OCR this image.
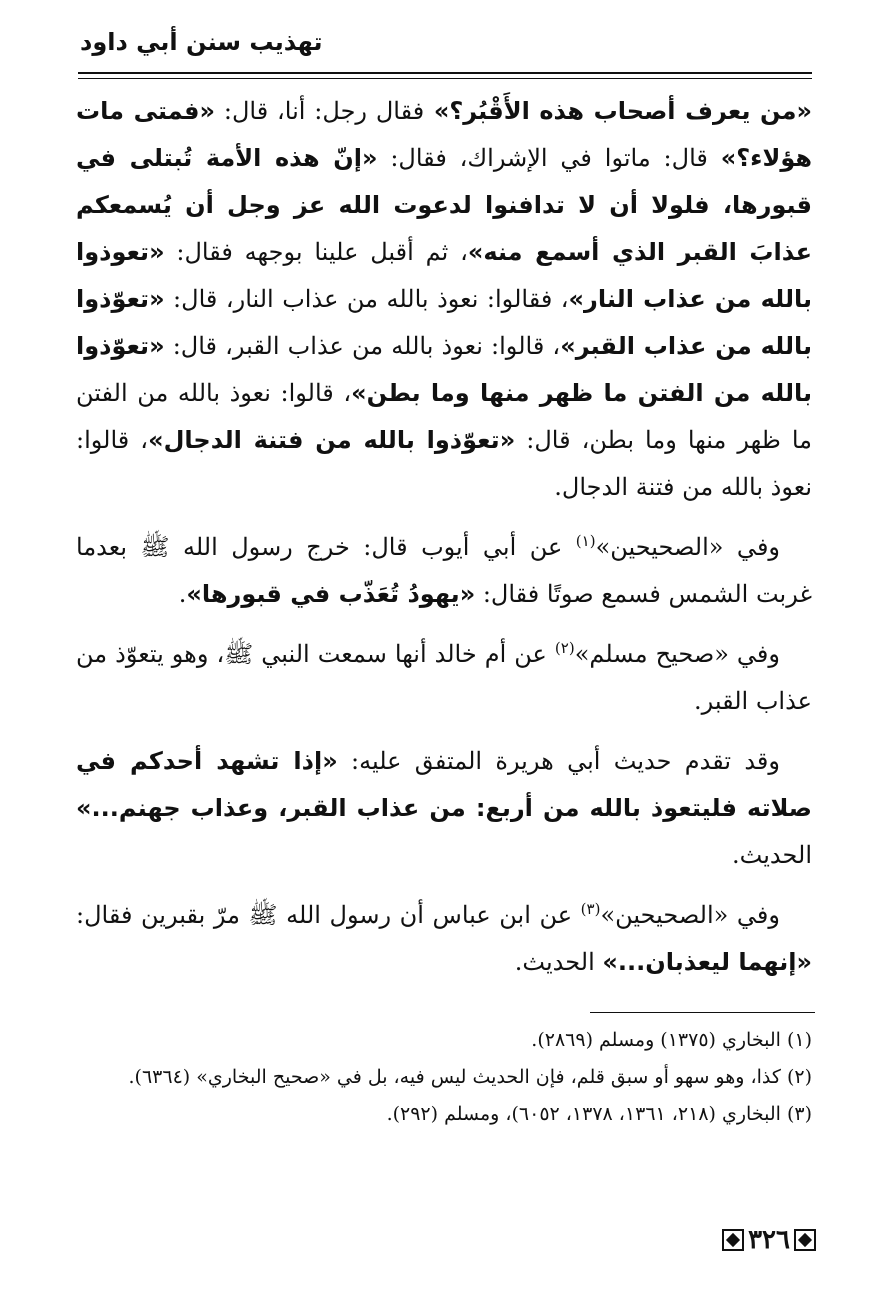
تهذيب سنن أبي داود

«من يعرف أصحاب هذه الأَقْبُر؟» فقال رجل: أنا، قال: «فمتى مات هؤلاء؟» قال: ماتوا في الإشراك، فقال: «إنّ هذه الأمة تُبتلى في قبورها، فلولا أن لا تدافنوا لدعوت الله عز وجل أن يُسمعكم عذابَ القبر الذي أسمع منه»، ثم أقبل علينا بوجهه فقال: «تعوذوا بالله من عذاب النار»، فقالوا: نعوذ بالله من عذاب النار، قال: «تعوّذوا بالله من عذاب القبر»، قالوا: نعوذ بالله من عذاب القبر، قال: «تعوّذوا بالله من الفتن ما ظهر منها وما بطن»، قالوا: نعوذ بالله من الفتن ما ظهر منها وما بطن، قال: «تعوّذوا بالله من فتنة الدجال»، قالوا: نعوذ بالله من فتنة الدجال.

وفي «الصحيحين»$^{(١)}$ عن أبي أيوب قال: خرج رسول الله ﷺ بعدما غربت الشمس فسمع صوتًا فقال: «يهودُ تُعَذّب في قبورها».

وفي «صحيح مسلم»$^{(٢)}$ عن أم خالد أنها سمعت النبي ﷺ، وهو يتعوّذ من عذاب القبر.

وقد تقدم حديث أبي هريرة المتفق عليه: «إذا تشهد أحدكم في صلاته فليتعوذ بالله من أربع: من عذاب القبر، وعذاب جهنم...» الحديث.

وفي «الصحيحين»$^{(٣)}$ عن ابن عباس أن رسول الله ﷺ مرّ بقبرين فقال: «إنهما ليعذبان...» الحديث.

(١) البخاري (١٣٧٥) ومسلم (٢٨٦٩).

(٢) كذا، وهو سهو أو سبق قلم، فإن الحديث ليس فيه، بل في «صحيح البخاري» (٦٣٦٤).

(٣) البخاري (٢١٨، ١٣٦١، ١٣٧٨، ٦٠٥٢)، ومسلم (٢٩٢).

٣٢٦
